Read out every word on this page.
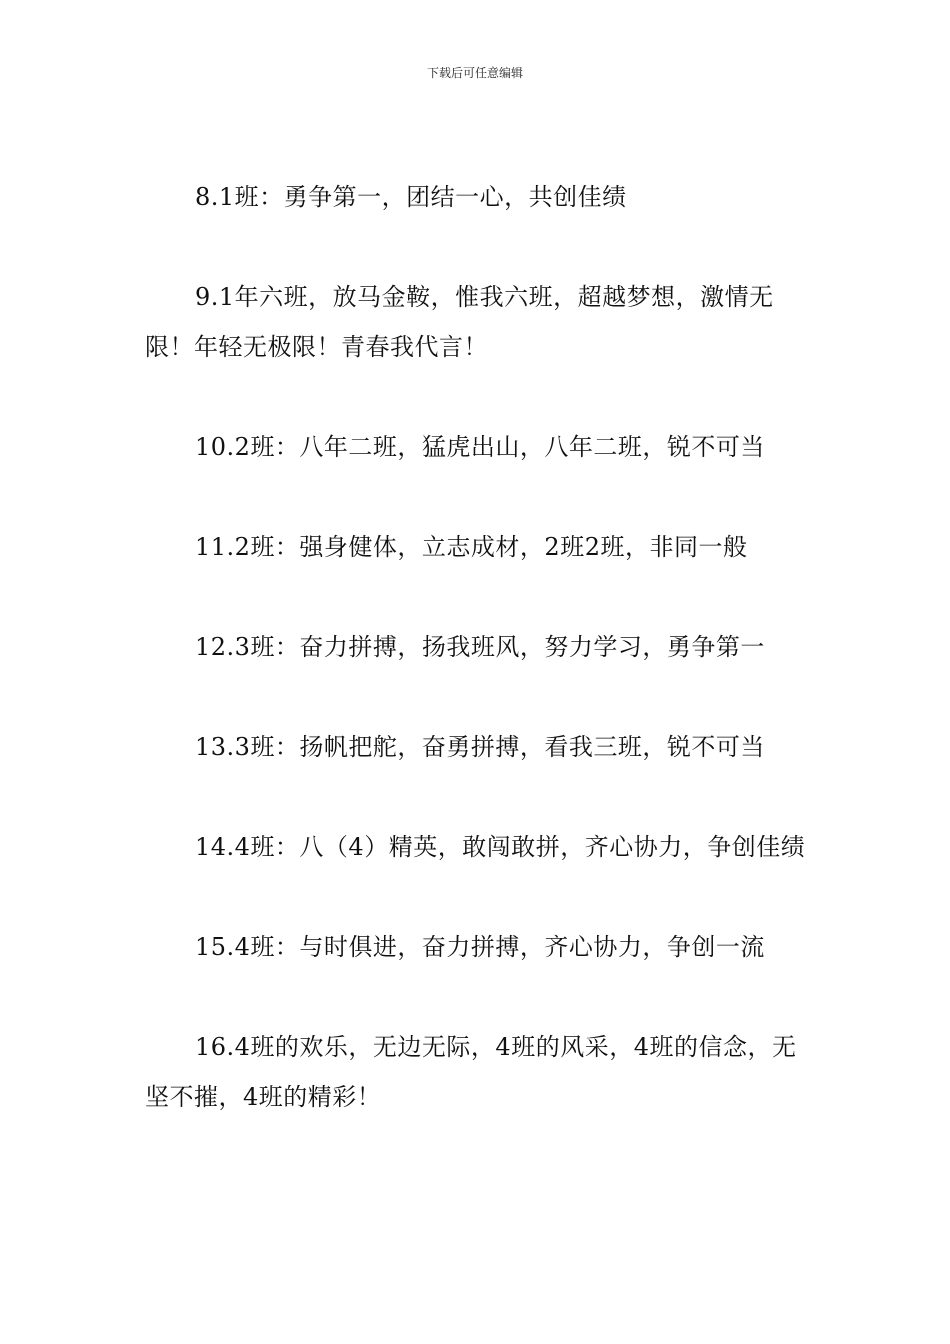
下载后可任意编辑

8.1班：勇争第一，团结一心，共创佳绩

9.1年六班，放马金鞍，惟我六班，超越梦想，激情无限！年轻无极限！青春我代言！

10.2班：八年二班，猛虎出山，八年二班，锐不可当

11.2班：强身健体，立志成材，2班2班，非同一般

12.3班：奋力拼搏，扬我班风，努力学习，勇争第一

13.3班：扬帆把舵，奋勇拼搏，看我三班，锐不可当

14.4班：八（4）精英，敢闯敢拼，齐心协力，争创佳绩

15.4班：与时俱进，奋力拼搏，齐心协力，争创一流

16.4班的欢乐，无边无际，4班的风采，4班的信念，无坚不摧，4班的精彩！
